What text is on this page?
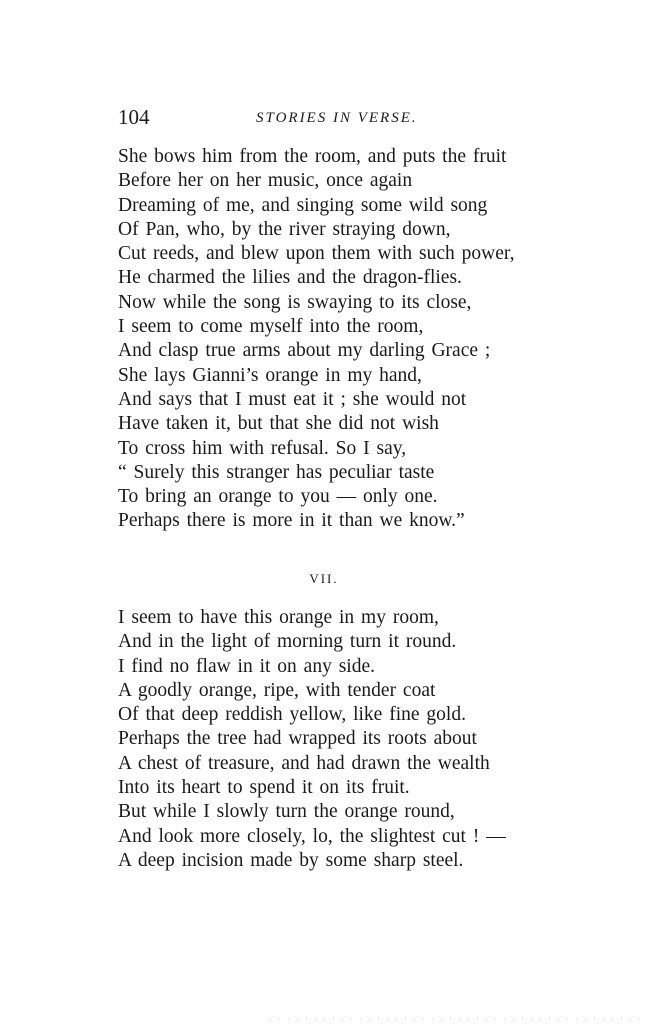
104	STORIES IN VERSE.
She bows him from the room, and puts the fruit
Before her on her music, once again
Dreaming of me, and singing some wild song
Of Pan, who, by the river straying down,
Cut reeds, and blew upon them with such power,
He charmed the lilies and the dragon-flies.
Now while the song is swaying to its close,
I seem to come myself into the room,
And clasp true arms about my darling Grace ;
She lays Gianni’s orange in my hand,
And says that I must eat it ; she would not
Have taken it, but that she did not wish
To cross him with refusal. So I say,
“ Surely this stranger has peculiar taste
To bring an orange to you — only one.
Perhaps there is more in it than we know.”
VII.
I seem to have this orange in my room,
And in the light of morning turn it round.
I find no flaw in it on any side.
A goodly orange, ripe, with tender coat
Of that deep reddish yellow, like fine gold.
Perhaps the tree had wrapped its roots about
A chest of treasure, and had drawn the wealth
Into its heart to spend it on its fruit.
But while I slowly turn the orange round,
And look more closely, lo, the slightest cut ! —
A deep incision made by some sharp steel.
